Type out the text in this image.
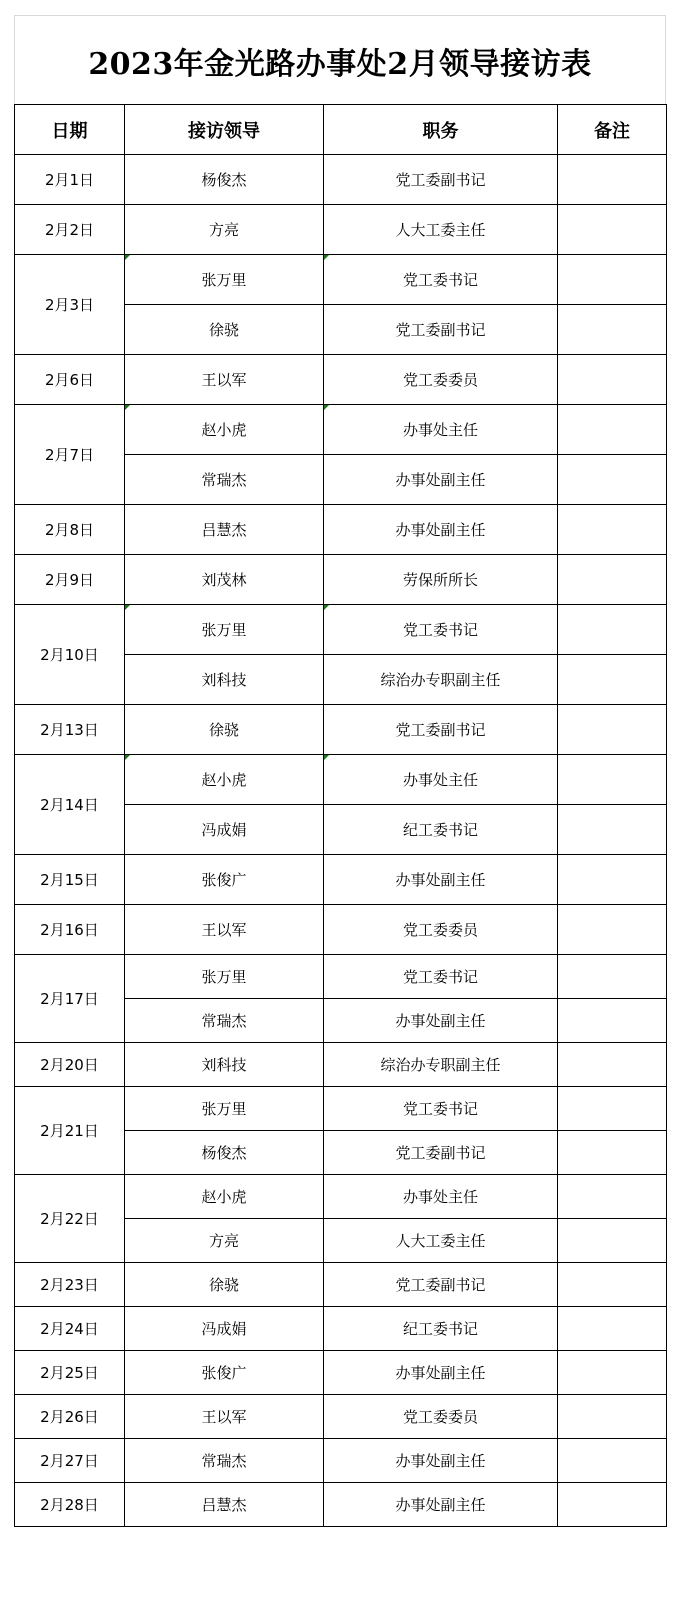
2023年金光路办事处2月领导接访表
日期	接访领导	职务	备注
2月1日	杨俊杰	党工委副书记	
2月2日	方亮	人大工委主任	
2月3日	张万里	党工委书记	
	徐骁	党工委副书记	
2月6日	王以军	党工委委员	
2月7日	赵小虎	办事处主任	
	常瑞杰	办事处副主任	
2月8日	吕慧杰	办事处副主任	
2月9日	刘茂林	劳保所所长	
2月10日	张万里	党工委书记	
	刘科技	综治办专职副主任	
2月13日	徐骁	党工委副书记	
2月14日	赵小虎	办事处主任	
	冯成娟	纪工委书记	
2月15日	张俊广	办事处副主任	
2月16日	王以军	党工委委员	
2月17日	张万里	党工委书记	
	常瑞杰	办事处副主任	
2月20日	刘科技	综治办专职副主任	
2月21日	张万里	党工委书记	
	杨俊杰	党工委副书记	
2月22日	赵小虎	办事处主任	
	方亮	人大工委主任	
2月23日	徐骁	党工委副书记	
2月24日	冯成娟	纪工委书记	
2月25日	张俊广	办事处副主任	
2月26日	王以军	党工委委员	
2月27日	常瑞杰	办事处副主任	
2月28日	吕慧杰	办事处副主任	
